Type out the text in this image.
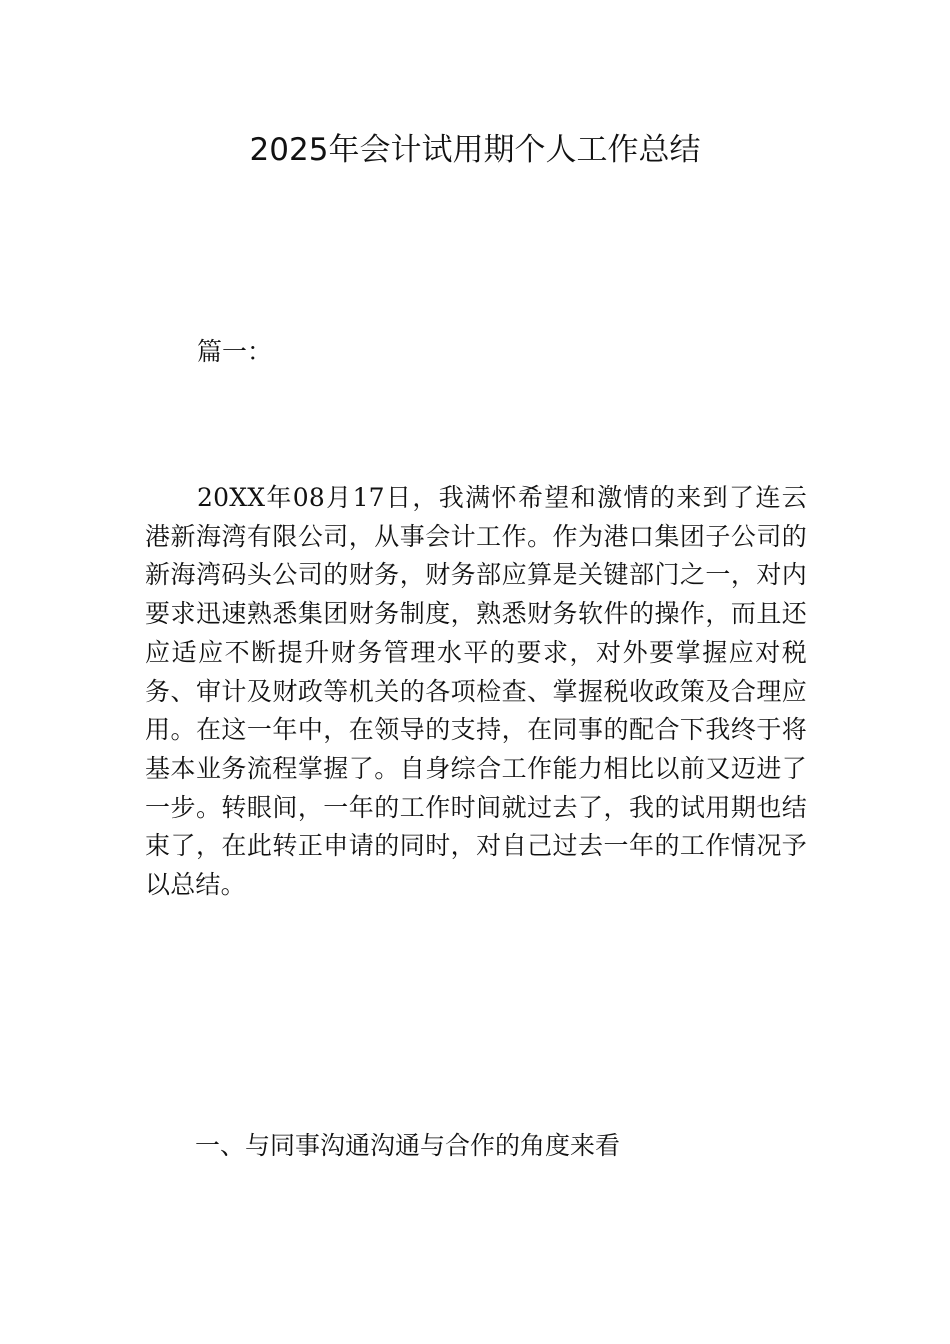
2025年会计试用期个人工作总结

篇一：

20XX年08月17日，我满怀希望和激情的来到了连云港新海湾有限公司，从事会计工作。作为港口集团子公司的新海湾码头公司的财务，财务部应算是关键部门之一，对内要求迅速熟悉集团财务制度，熟悉财务软件的操作，而且还应适应不断提升财务管理水平的要求，对外要掌握应对税务、审计及财政等机关的各项检查、掌握税收政策及合理应用。在这一年中，在领导的支持，在同事的配合下我终于将基本业务流程掌握了。自身综合工作能力相比以前又迈进了一步。转眼间，一年的工作时间就过去了，我的试用期也结束了，在此转正申请的同时，对自己过去一年的工作情况予以总结。

一、与同事沟通沟通与合作的角度来看
